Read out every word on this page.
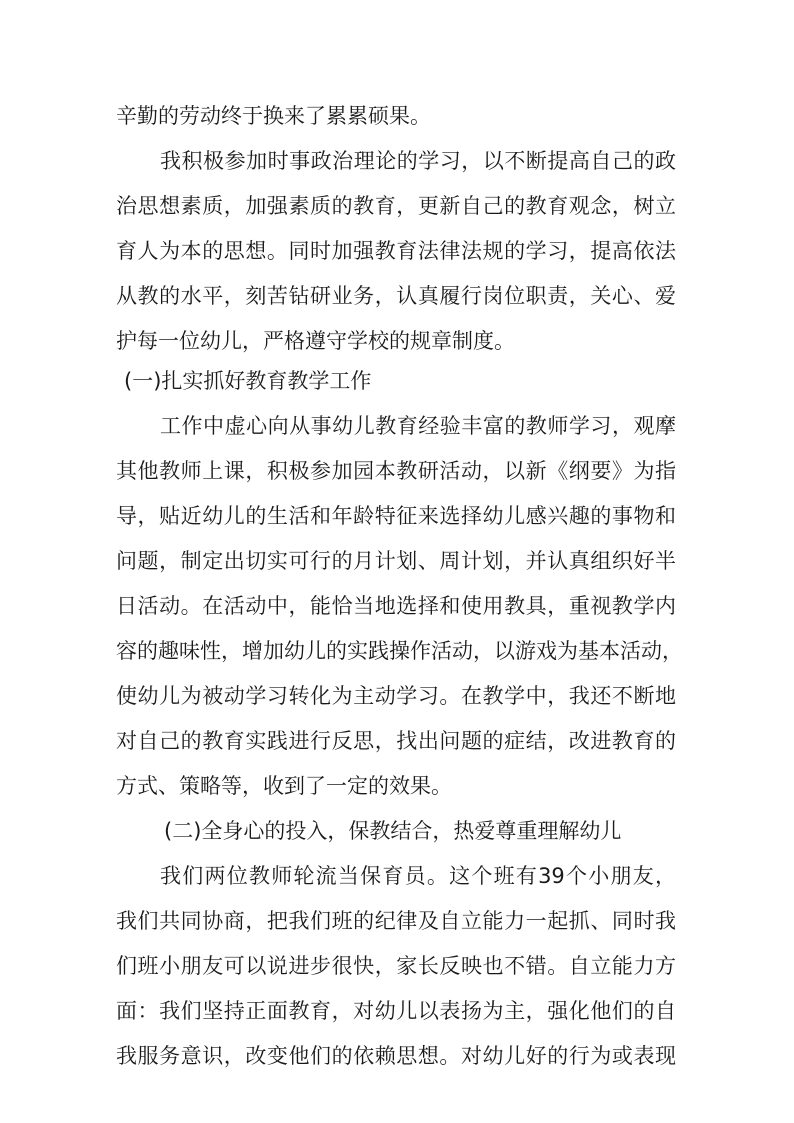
辛勤的劳动终于换来了累累硕果。

我积极参加时事政治理论的学习，以不断提高自己的政

治思想素质，加强素质的教育，更新自己的教育观念，树立

育人为本的思想。同时加强教育法律法规的学习，提高依法

从教的水平，刻苦钻研业务，认真履行岗位职责，关心、爱

护每一位幼儿，严格遵守学校的规章制度。

(一)扎实抓好教育教学工作

工作中虚心向从事幼儿教育经验丰富的教师学习，观摩

其他教师上课，积极参加园本教研活动，以新《纲要》为指

导，贴近幼儿的生活和年龄特征来选择幼儿感兴趣的事物和

问题，制定出切实可行的月计划、周计划，并认真组织好半

日活动。在活动中，能恰当地选择和使用教具，重视教学内

容的趣味性，增加幼儿的实践操作活动，以游戏为基本活动，

使幼儿为被动学习转化为主动学习。在教学中，我还不断地

对自己的教育实践进行反思，找出问题的症结，改进教育的

方式、策略等，收到了一定的效果。

(二)全身心的投入，保教结合，热爱尊重理解幼儿

我们两位教师轮流当保育员。这个班有39个小朋友，

我们共同协商，把我们班的纪律及自立能力一起抓、同时我

们班小朋友可以说进步很快，家长反映也不错。自立能力方

面：我们坚持正面教育，对幼儿以表扬为主，强化他们的自

我服务意识，改变他们的依赖思想。对幼儿好的行为或表现
